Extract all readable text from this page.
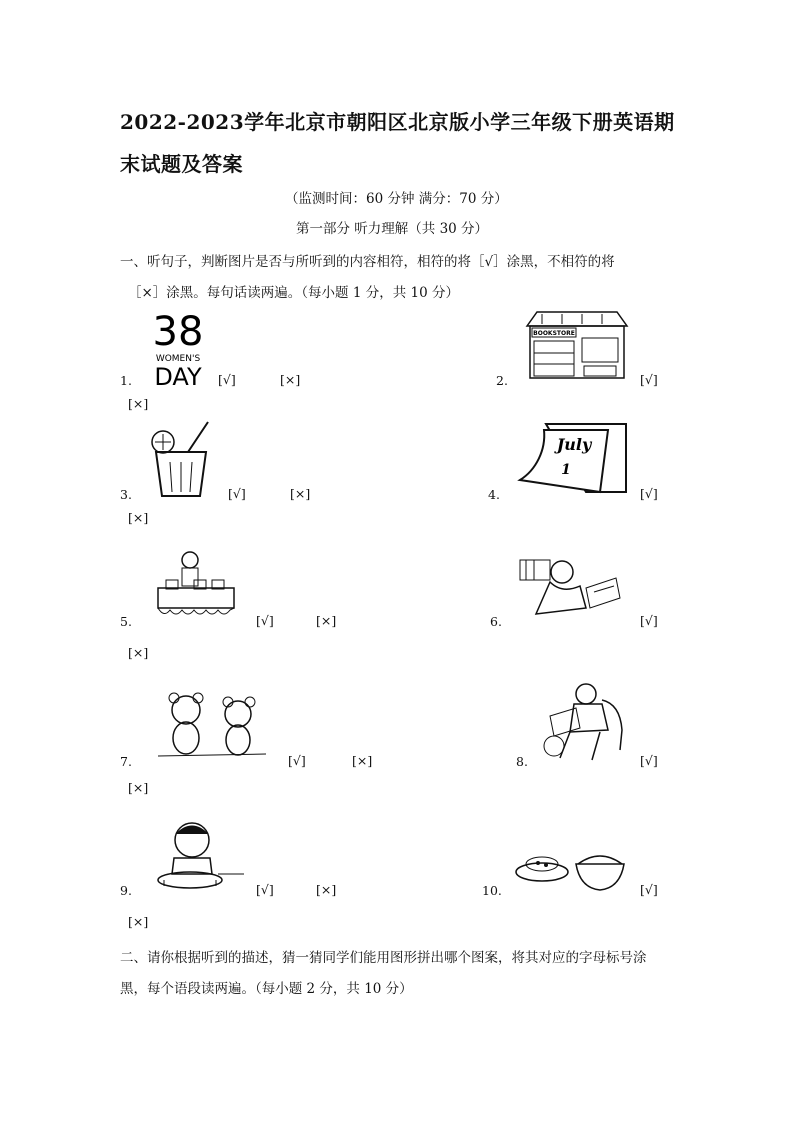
2022-2023学年北京市朝阳区北京版小学三年级下册英语期
末试题及答案
（监测时间：60 分钟 满分：70 分）
第一部分 听力理解（共 30 分）
一、听句子，判断图片是否与所听到的内容相符，相符的将［√］涂黑，不相符的将
［×］涂黑。每句话读两遍。（每小题 1 分，共 10 分）
38
WOMEN'S
DAY
1.	[√]	[×]
[×]
BOOKSTORE
2.	[√]
3.	[√]	[×]
[×]
July
1
4.	[√]
5.	[√]	[×]
[×]
6.	[√]
7.	[√]	[×]
[×]
8.	[√]
9.	[√]	[×]
[×]
10.	[√]
二、请你根据听到的描述，猜一猜同学们能用图形拼出哪个图案，将其对应的字母标号涂
黑，每个语段读两遍。（每小题 2 分，共 10 分）
